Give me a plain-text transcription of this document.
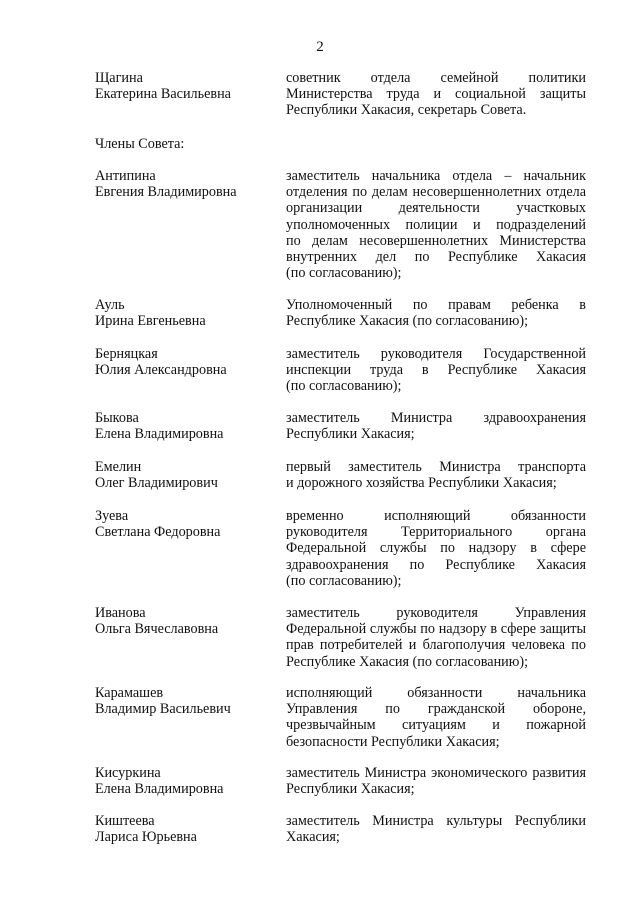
2
Щагина
Екатерина Васильевна
советник отдела семейной политики
Министерства труда и социальной защиты
Республики Хакасия, секретарь Совета.
Члены Совета:
Антипина
Евгения Владимировна
заместитель начальника отдела – начальник
отделения по делам несовершеннолетних отдела
организации деятельности участковых
уполномоченных полиции и подразделений
по делам несовершеннолетних Министерства
внутренних дел по Республике Хакасия
(по согласованию);
Ауль
Ирина Евгеньевна
Уполномоченный по правам ребенка в
Республике Хакасия (по согласованию);
Берняцкая
Юлия Александровна
заместитель руководителя Государственной
инспекции труда в Республике Хакасия
(по согласованию);
Быкова
Елена Владимировна
заместитель Министра здравоохранения
Республики Хакасия;
Емелин
Олег Владимирович
первый заместитель Министра транспорта
и дорожного хозяйства Республики Хакасия;
Зуева
Светлана Федоровна
временно исполняющий обязанности
руководителя Территориального органа
Федеральной службы по надзору в сфере
здравоохранения по Республике Хакасия
(по согласованию);
Иванова
Ольга Вячеславовна
заместитель руководителя Управления
Федеральной службы по надзору в сфере защиты
прав потребителей и благополучия человека по
Республике Хакасия (по согласованию);
Карамашев
Владимир Васильевич
исполняющий обязанности начальника
Управления по гражданской обороне,
чрезвычайным ситуациям и пожарной
безопасности Республики Хакасия;
Кисуркина
Елена Владимировна
заместитель Министра экономического развития
Республики Хакасия;
Киштеева
Лариса Юрьевна
заместитель Министра культуры Республики
Хакасия;
